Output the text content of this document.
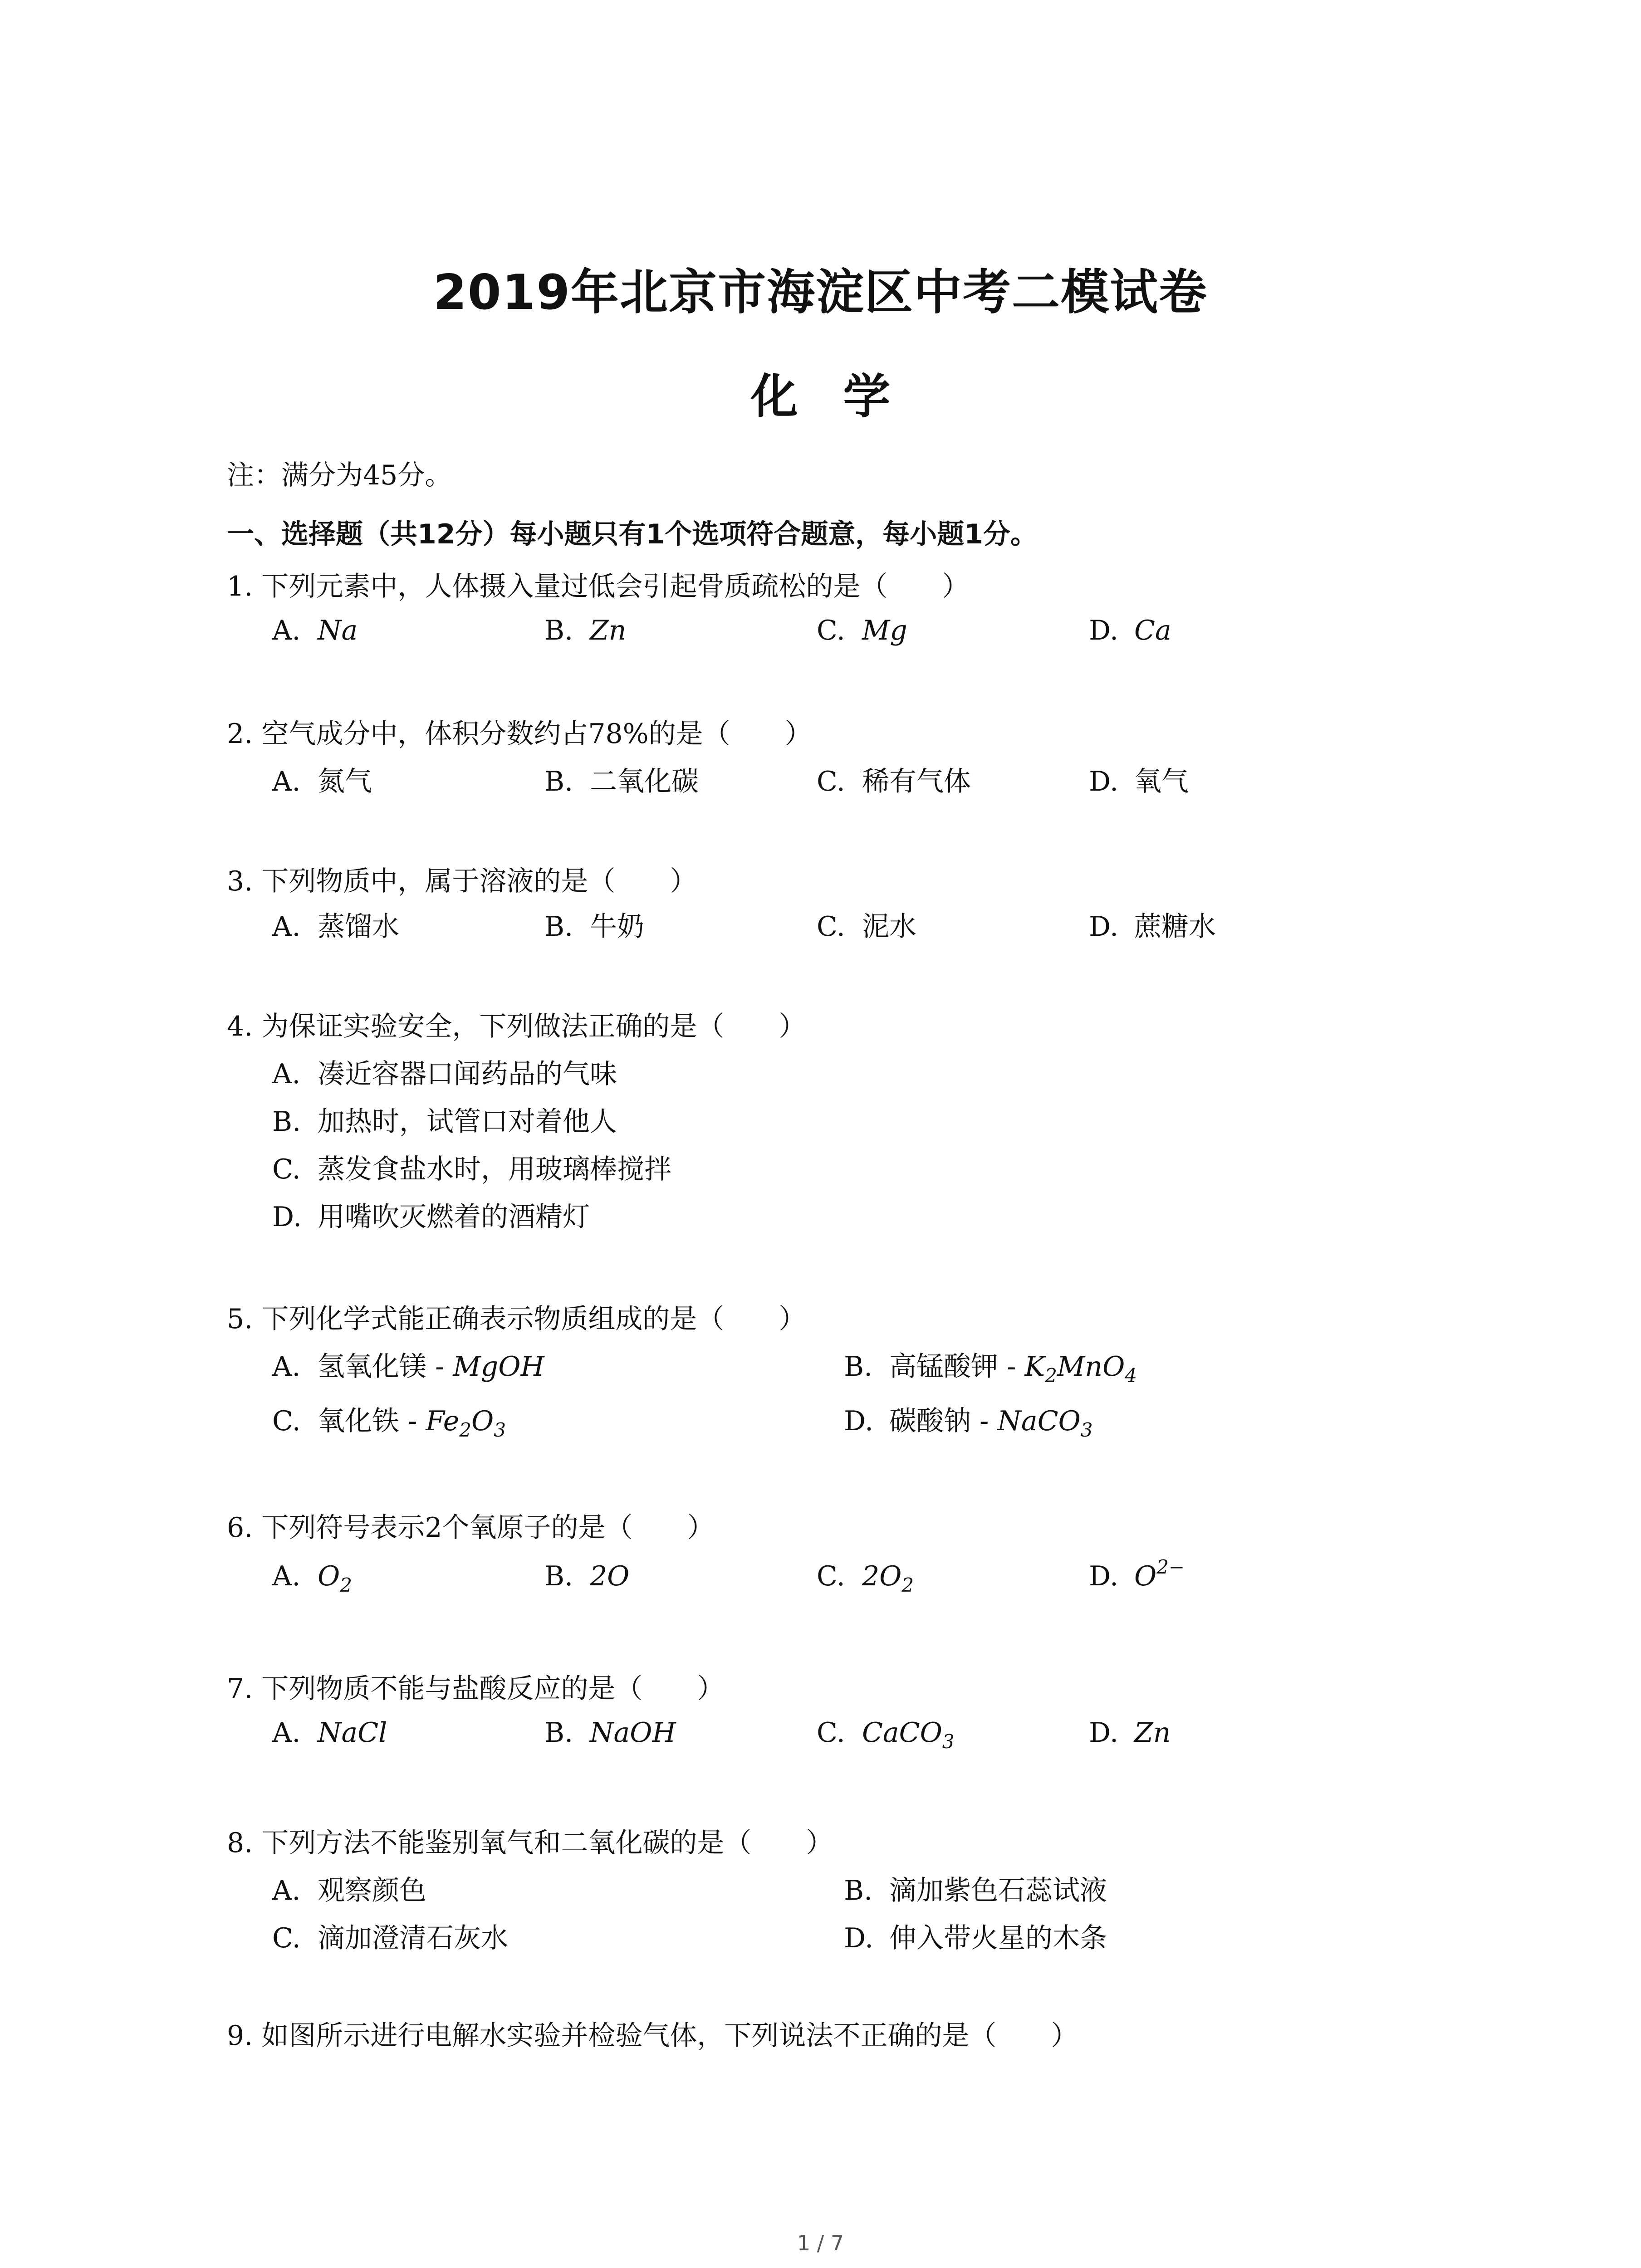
2019年北京市海淀区中考二模试卷
化学
注：满分为45分。
一、选择题（共12分）每小题只有1个选项符合题意，每小题1分。
1. 下列元素中，人体摄入量过低会引起骨质疏松的是（　　）
A. Na	B. Zn	C. Mg	D. Ca
2. 空气成分中，体积分数约占78%的是（　　）
A. 氮气	B. 二氧化碳	C. 稀有气体	D. 氧气
3. 下列物质中，属于溶液的是（　　）
A. 蒸馏水	B. 牛奶	C. 泥水	D. 蔗糖水
4. 为保证实验安全，下列做法正确的是（　　）
A. 凑近容器口闻药品的气味
B. 加热时，试管口对着他人
C. 蒸发食盐水时，用玻璃棒搅拌
D. 用嘴吹灭燃着的酒精灯
5. 下列化学式能正确表示物质组成的是（　　）
A. 氢氧化镁 - MgOH	B. 高锰酸钾 - $K_2MnO_4$
C. 氧化铁 - $Fe_2O_3$	D. 碳酸钠 - NaCO$_3$
6. 下列符号表示2个氧原子的是（　　）
A. $O_2$	B. 2O	C. $2O_2$	D. $O^{2-}$
7. 下列物质不能与盐酸反应的是（　　）
A. NaCl	B. NaOH	C. CaCO$_3$	D. Zn
8. 下列方法不能鉴别氧气和二氧化碳的是（　　）
A. 观察颜色	B. 滴加紫色石蕊试液
C. 滴加澄清石灰水	D. 伸入带火星的木条
9. 如图所示进行电解水实验并检验气体，下列说法不正确的是（　　）
1 / 7
